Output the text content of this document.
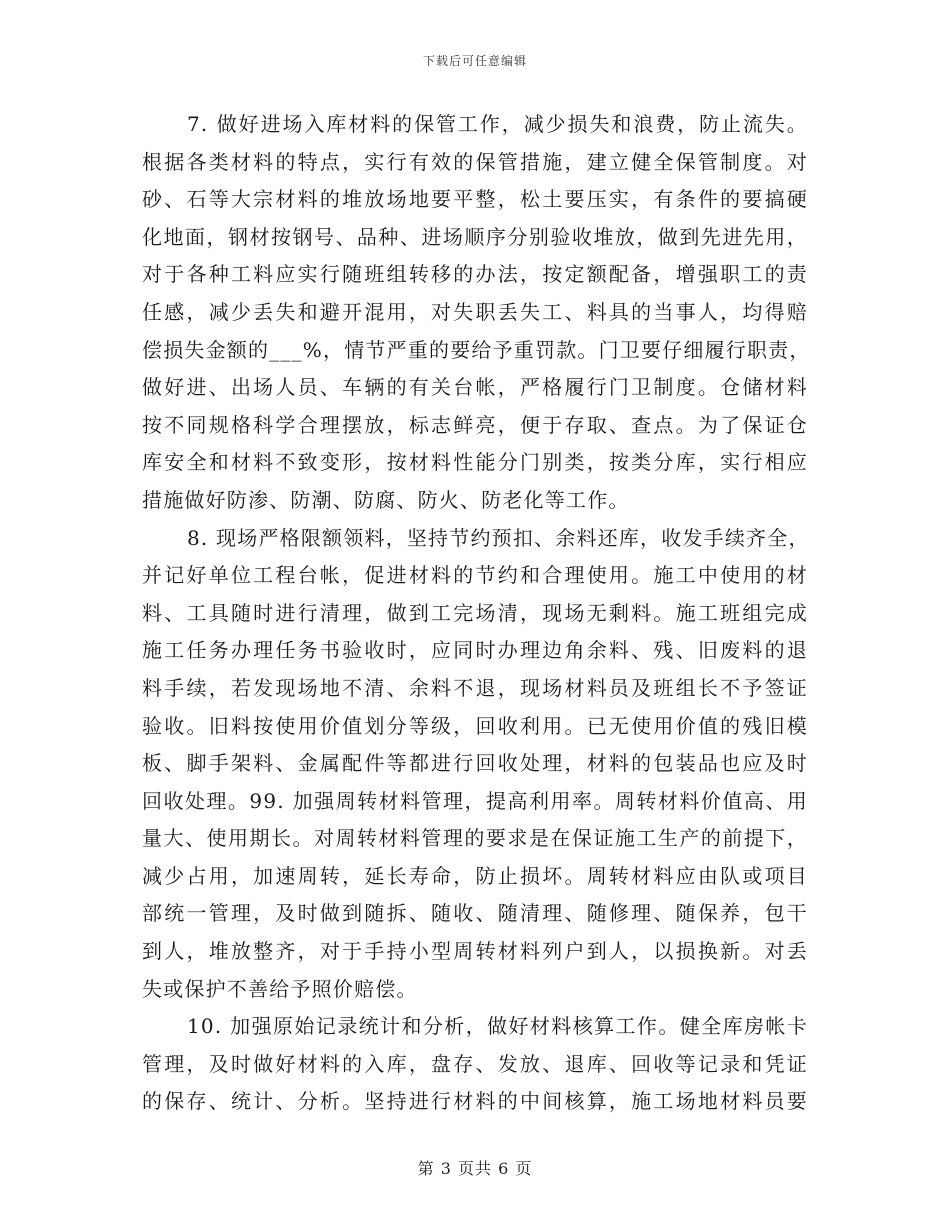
下载后可任意编辑

7. 做好进场入库材料的保管工作，减少损失和浪费，防止流失。
根据各类材料的特点，实行有效的保管措施，建立健全保管制度。对
砂、石等大宗材料的堆放场地要平整，松土要压实，有条件的要搞硬
化地面，钢材按钢号、品种、进场顺序分别验收堆放，做到先进先用，
对于各种工料应实行随班组转移的办法，按定额配备，增强职工的责
任感，减少丢失和避开混用，对失职丢失工、料具的当事人，均得赔
偿损失金额的___%，情节严重的要给予重罚款。门卫要仔细履行职责，
做好进、出场人员、车辆的有关台帐，严格履行门卫制度。仓储材料
按不同规格科学合理摆放，标志鲜亮，便于存取、查点。为了保证仓
库安全和材料不致变形，按材料性能分门别类，按类分库，实行相应
措施做好防渗、防潮、防腐、防火、防老化等工作。

8. 现场严格限额领料，坚持节约预扣、余料还库，收发手续齐全，
并记好单位工程台帐，促进材料的节约和合理使用。施工中使用的材
料、工具随时进行清理，做到工完场清，现场无剩料。施工班组完成
施工任务办理任务书验收时，应同时办理边角余料、残、旧废料的退
料手续，若发现场地不清、余料不退，现场材料员及班组长不予签证
验收。旧料按使用价值划分等级，回收利用。已无使用价值的残旧模
板、脚手架料、金属配件等都进行回收处理，材料的包装品也应及时
回收处理。99. 加强周转材料管理，提高利用率。周转材料价值高、用
量大、使用期长。对周转材料管理的要求是在保证施工生产的前提下，
减少占用，加速周转，延长寿命，防止损坏。周转材料应由队或项目
部统一管理，及时做到随拆、随收、随清理、随修理、随保养，包干
到人，堆放整齐，对于手持小型周转材料列户到人，以损换新。对丢
失或保护不善给予照价赔偿。

10. 加强原始记录统计和分析，做好材料核算工作。健全库房帐卡
管理，及时做好材料的入库，盘存、发放、退库、回收等记录和凭证
的保存、统计、分析。坚持进行材料的中间核算，施工场地材料员要

第 3 页共 6 页
